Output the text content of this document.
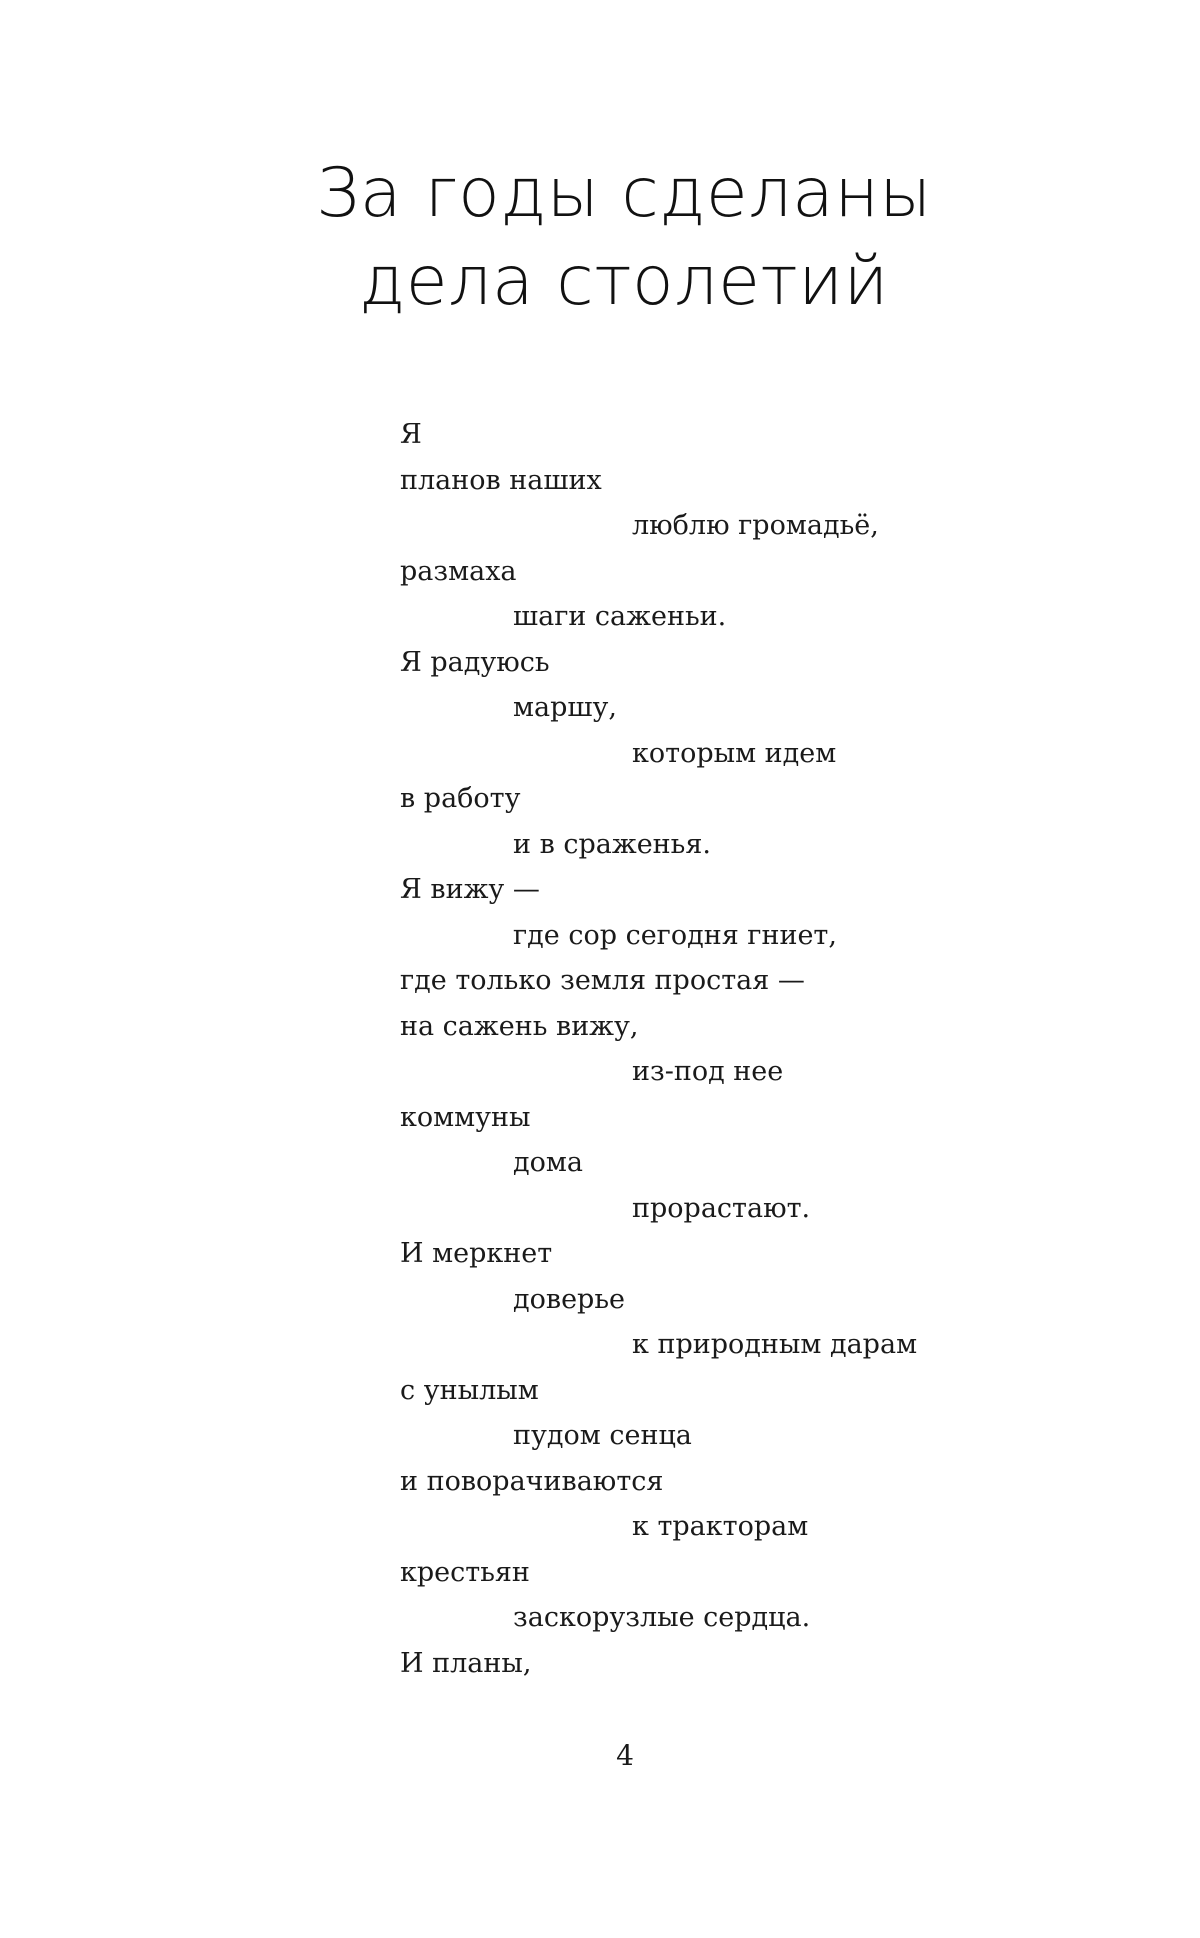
За годы сделаны
дела столетий
Я
планов наших
люблю громадьё,
размаха
шаги саженьи.
Я радуюсь
маршу,
которым идем
в работу
и в сраженья.
Я вижу —
где сор сегодня гниет,
где только земля простая —
на сажень вижу,
из-под нее
коммуны
дома
прорастают.
И меркнет
доверье
к природным дарам
с унылым
пудом сенца
и поворачиваются
к тракторам
крестьян
заскорузлые сердца.
И планы,
4
